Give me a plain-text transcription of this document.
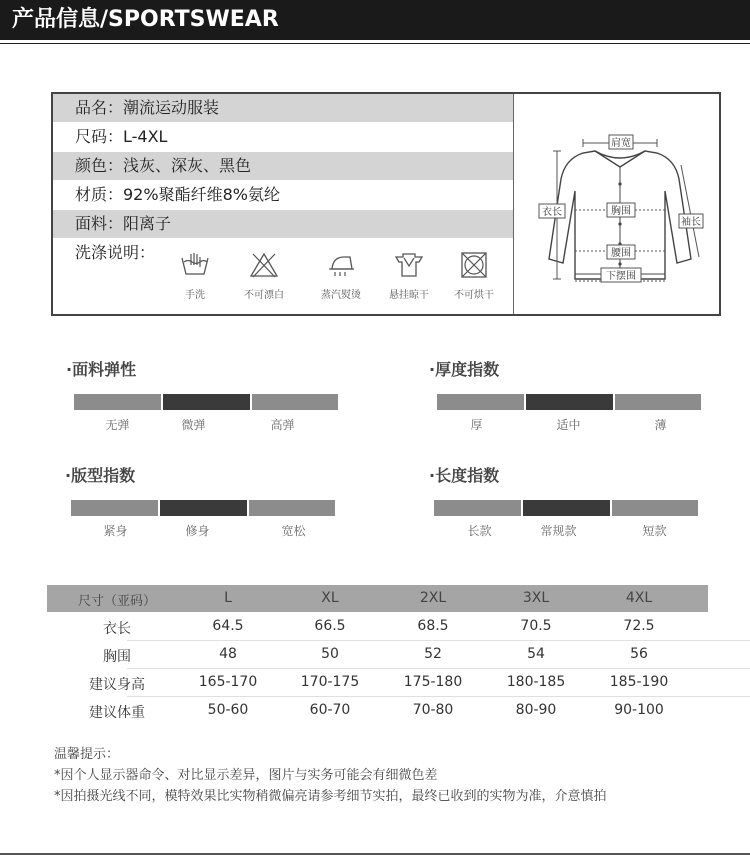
产品信息/SPORTSWEAR
品名：潮流运动服装
尺码：L-4XL
颜色：浅灰、深灰、黑色
材质：92%聚酯纤维8%氨纶
面料：阳离子
洗涤说明：
手洗	不可漂白	蒸汽熨烫	悬挂晾干	不可烘干
肩宽
衣长	胸围
袖长
腰围
下摆围
·面料弹性
无弹	微弹	高弹
·厚度指数
厚	适中	薄
·版型指数
紧身	修身	宽松
·长度指数
长款	常规款	短款
尺寸（亚码）	L	XL	2XL	3XL	4XL
衣长	64.5	66.5	68.5	70.5	72.5
胸围	48	50	52	54	56
建议身高	165-170	170-175	175-180	180-185	185-190
建议体重	50-60	60-70	70-80	80-90	90-100
温馨提示：
*因个人显示器命令、对比显示差异，图片与实务可能会有细微色差
*因拍摄光线不同，模特效果比实物稍微偏亮请参考细节实拍，最终已收到的实物为准，介意慎拍
